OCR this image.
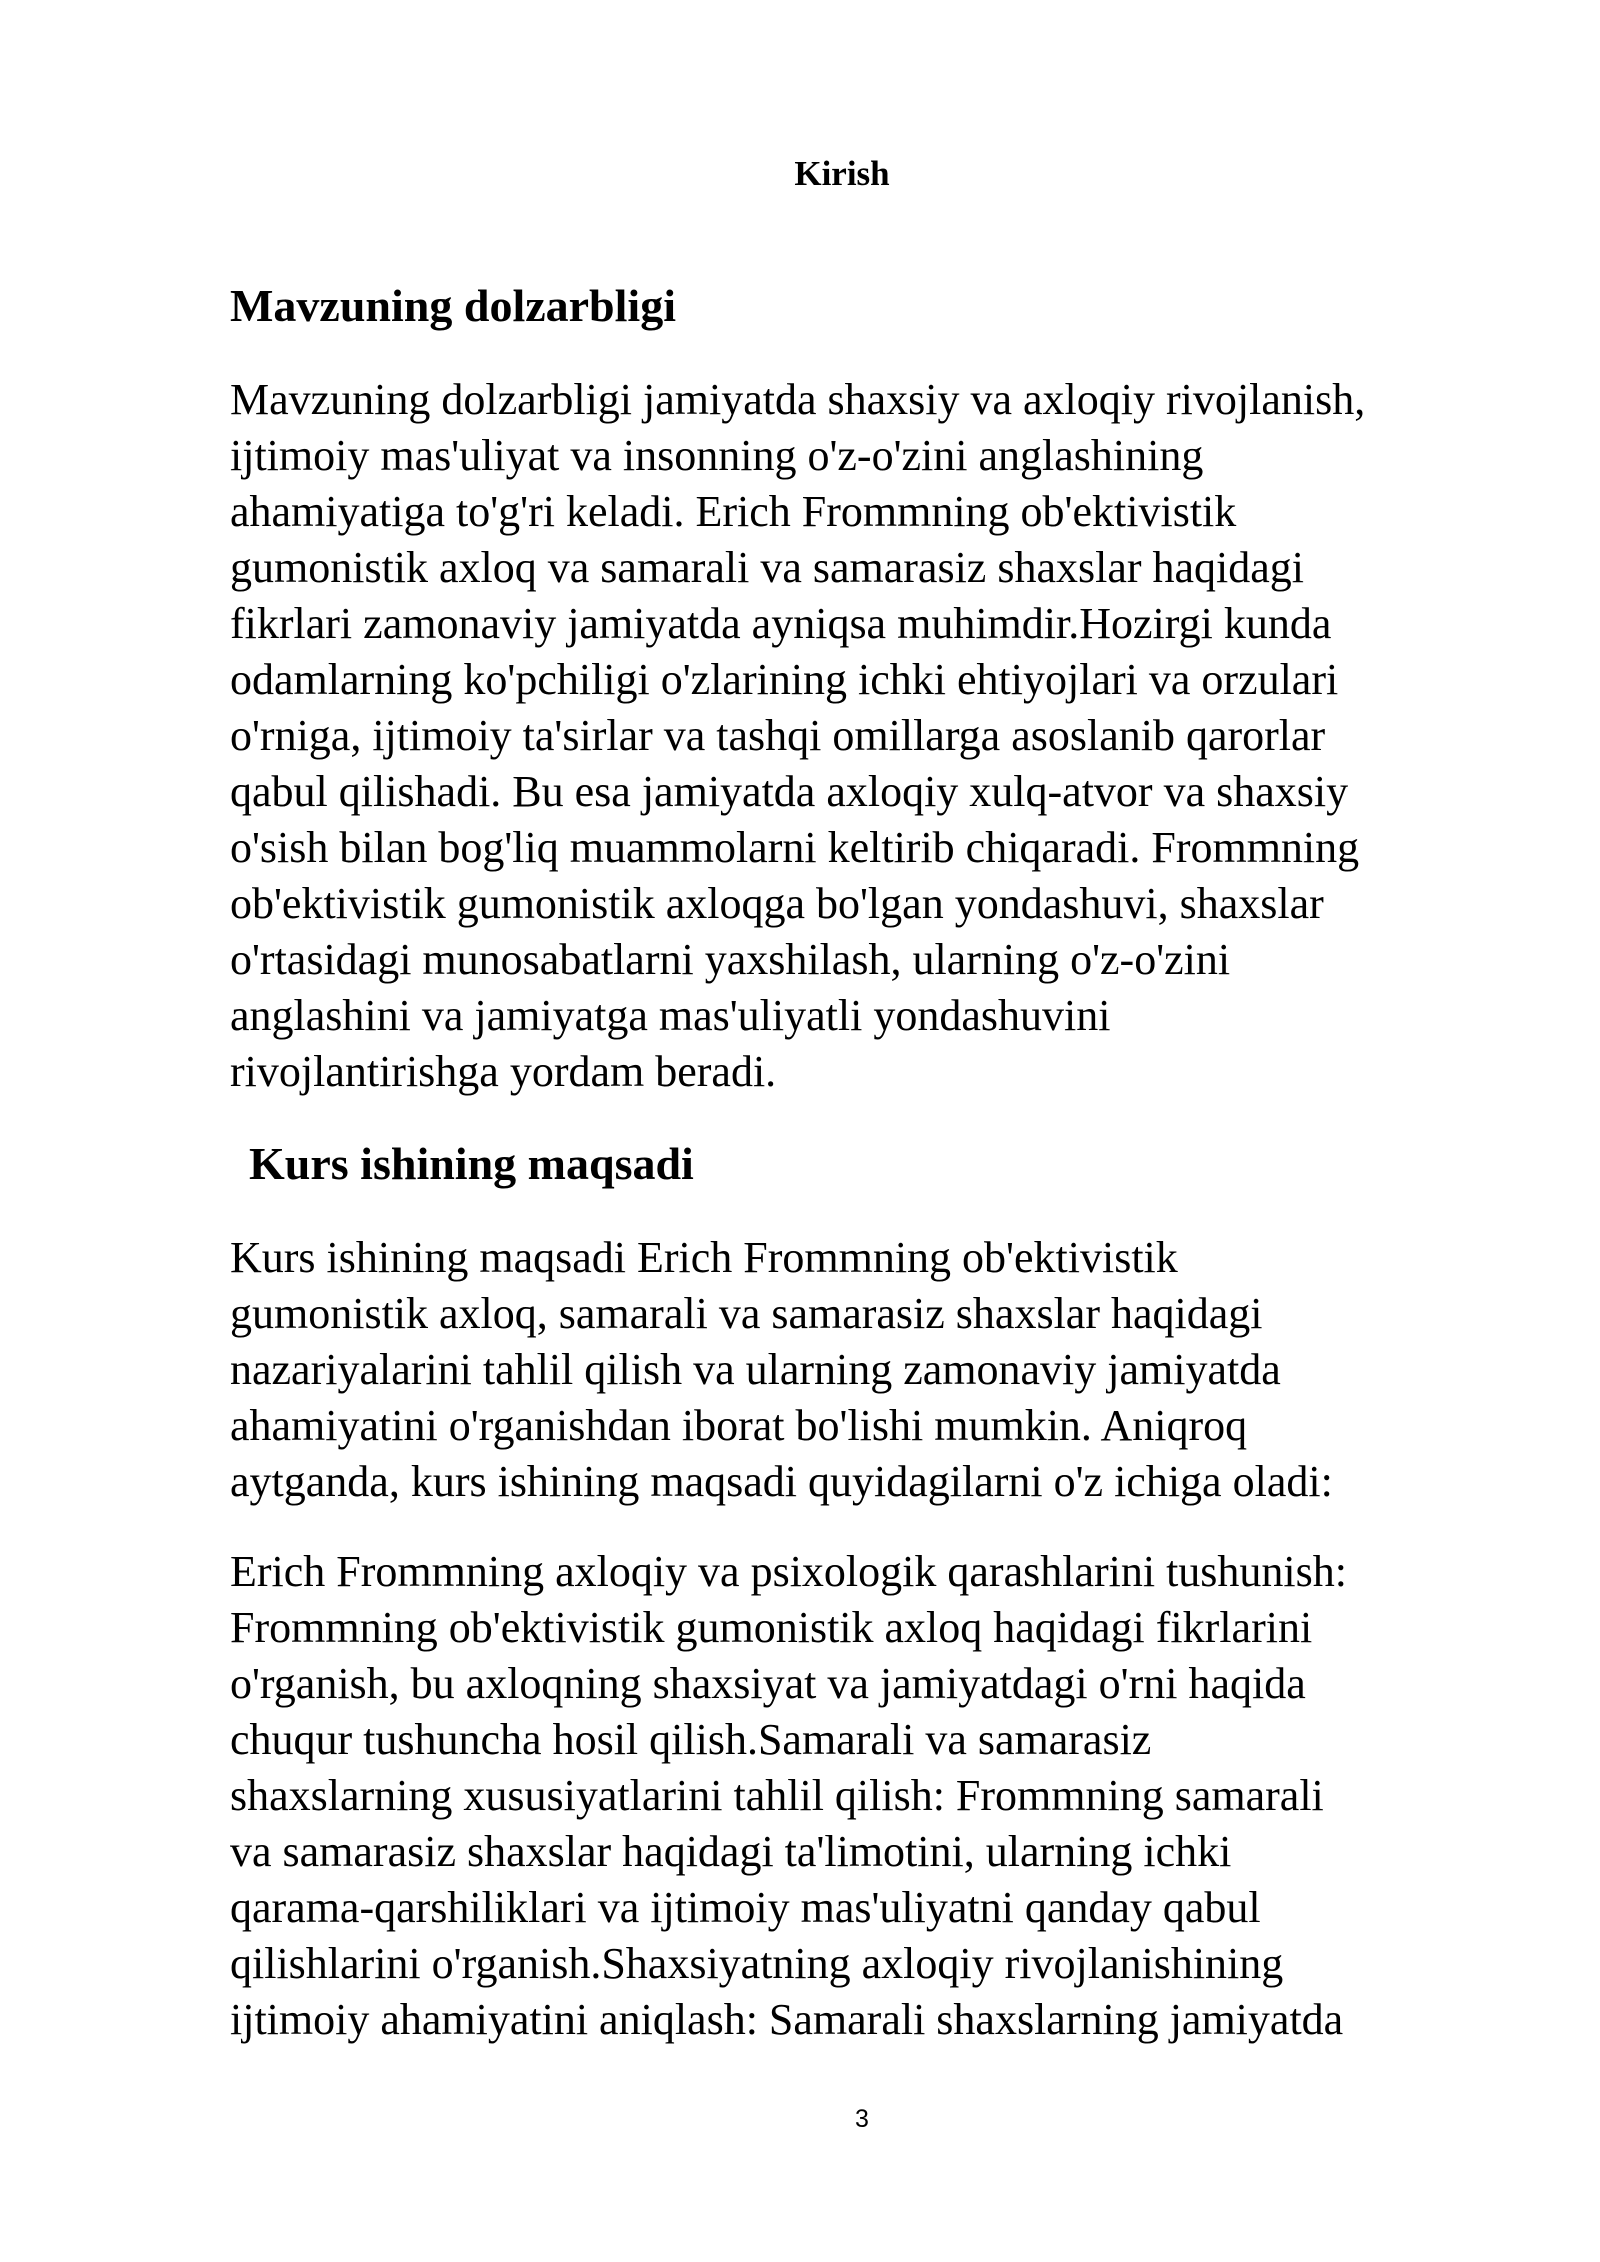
Kirish
Mavzuning dolzarbligi

Mavzuning dolzarbligi jamiyatda shaxsiy va axloqiy rivojlanish,
ijtimoiy mas'uliyat va insonning o'z-o'zini anglashining
ahamiyatiga to'g'ri keladi. Erich Frommning ob'ektivistik
gumonistik axloq va samarali va samarasiz shaxslar haqidagi
fikrlari zamonaviy jamiyatda ayniqsa muhimdir.Hozirgi kunda
odamlarning ko'pchiligi o'zlarining ichki ehtiyojlari va orzulari
o'rniga, ijtimoiy ta'sirlar va tashqi omillarga asoslanib qarorlar
qabul qilishadi. Bu esa jamiyatda axloqiy xulq-atvor va shaxsiy
o'sish bilan bog'liq muammolarni keltirib chiqaradi. Frommning
ob'ektivistik gumonistik axloqga bo'lgan yondashuvi, shaxslar
o'rtasidagi munosabatlarni yaxshilash, ularning o'z-o'zini
anglashini va jamiyatga mas'uliyatli yondashuvini
rivojlantirishga yordam beradi.

Kurs ishining maqsadi

Kurs ishining maqsadi Erich Frommning ob'ektivistik
gumonistik axloq, samarali va samarasiz shaxslar haqidagi
nazariyalarini tahlil qilish va ularning zamonaviy jamiyatda
ahamiyatini o'rganishdan iborat bo'lishi mumkin. Aniqroq
aytganda, kurs ishining maqsadi quyidagilarni o'z ichiga oladi:

Erich Frommning axloqiy va psixologik qarashlarini tushunish:
Frommning ob'ektivistik gumonistik axloq haqidagi fikrlarini
o'rganish, bu axloqning shaxsiyat va jamiyatdagi o'rni haqida
chuqur tushuncha hosil qilish.Samarali va samarasiz
shaxslarning xususiyatlarini tahlil qilish: Frommning samarali
va samarasiz shaxslar haqidagi ta'limotini, ularning ichki
qarama-qarshiliklari va ijtimoiy mas'uliyatni qanday qabul
qilishlarini o'rganish.Shaxsiyatning axloqiy rivojlanishining
ijtimoiy ahamiyatini aniqlash: Samarali shaxslarning jamiyatda

3
